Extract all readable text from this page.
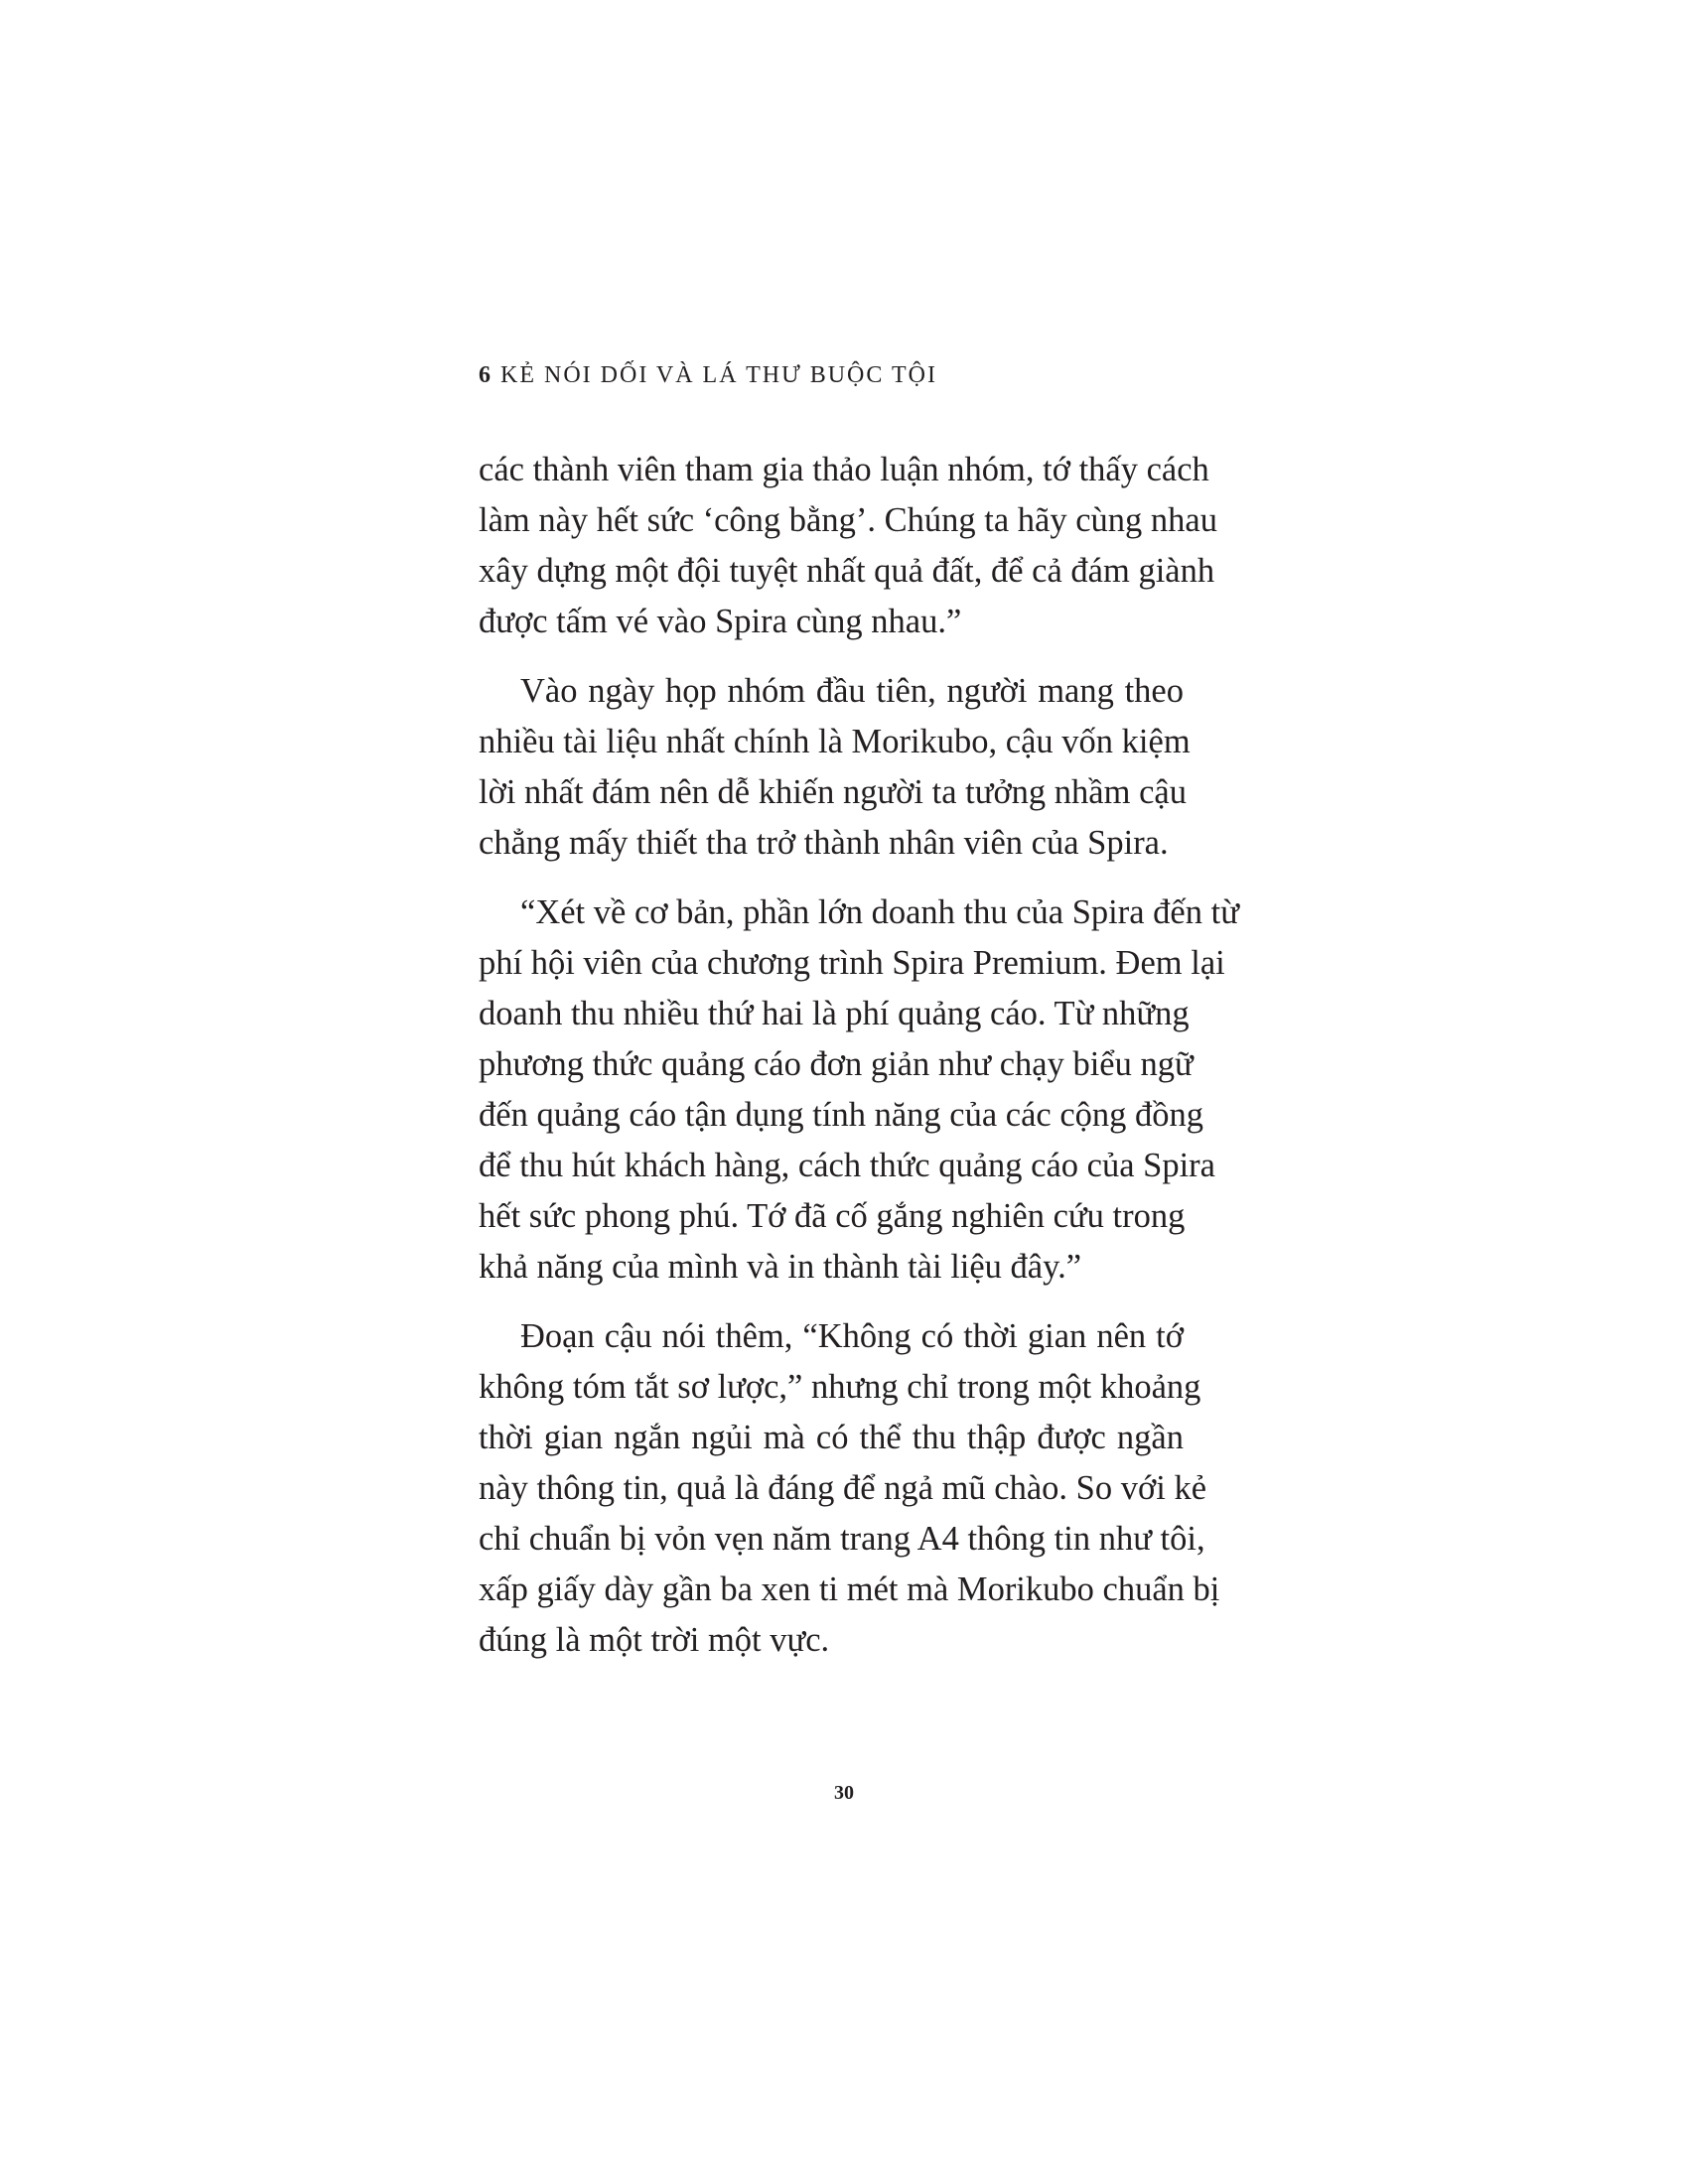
6 KẺ NÓI DỐI VÀ LÁ THƯ BUỘC TỘI
các thành viên tham gia thảo luận nhóm, tớ thấy cách
làm này hết sức ‘công bằng’. Chúng ta hãy cùng nhau
xây dựng một đội tuyệt nhất quả đất, để cả đám giành
được tấm vé vào Spira cùng nhau.”
Vào ngày họp nhóm đầu tiên, người mang theo
nhiều tài liệu nhất chính là Morikubo, cậu vốn kiệm
lời nhất đám nên dễ khiến người ta tưởng nhầm cậu
chẳng mấy thiết tha trở thành nhân viên của Spira.
“Xét về cơ bản, phần lớn doanh thu của Spira đến từ
phí hội viên của chương trình Spira Premium. Đem lại
doanh thu nhiều thứ hai là phí quảng cáo. Từ những
phương thức quảng cáo đơn giản như chạy biểu ngữ
đến quảng cáo tận dụng tính năng của các cộng đồng
để thu hút khách hàng, cách thức quảng cáo của Spira
hết sức phong phú. Tớ đã cố gắng nghiên cứu trong
khả năng của mình và in thành tài liệu đây.”
Đoạn cậu nói thêm, “Không có thời gian nên tớ
không tóm tắt sơ lược,” nhưng chỉ trong một khoảng
thời gian ngắn ngủi mà có thể thu thập được ngần
này thông tin, quả là đáng để ngả mũ chào. So với kẻ
chỉ chuẩn bị vỏn vẹn năm trang A4 thông tin như tôi,
xấp giấy dày gần ba xen ti mét mà Morikubo chuẩn bị
đúng là một trời một vực.
30
